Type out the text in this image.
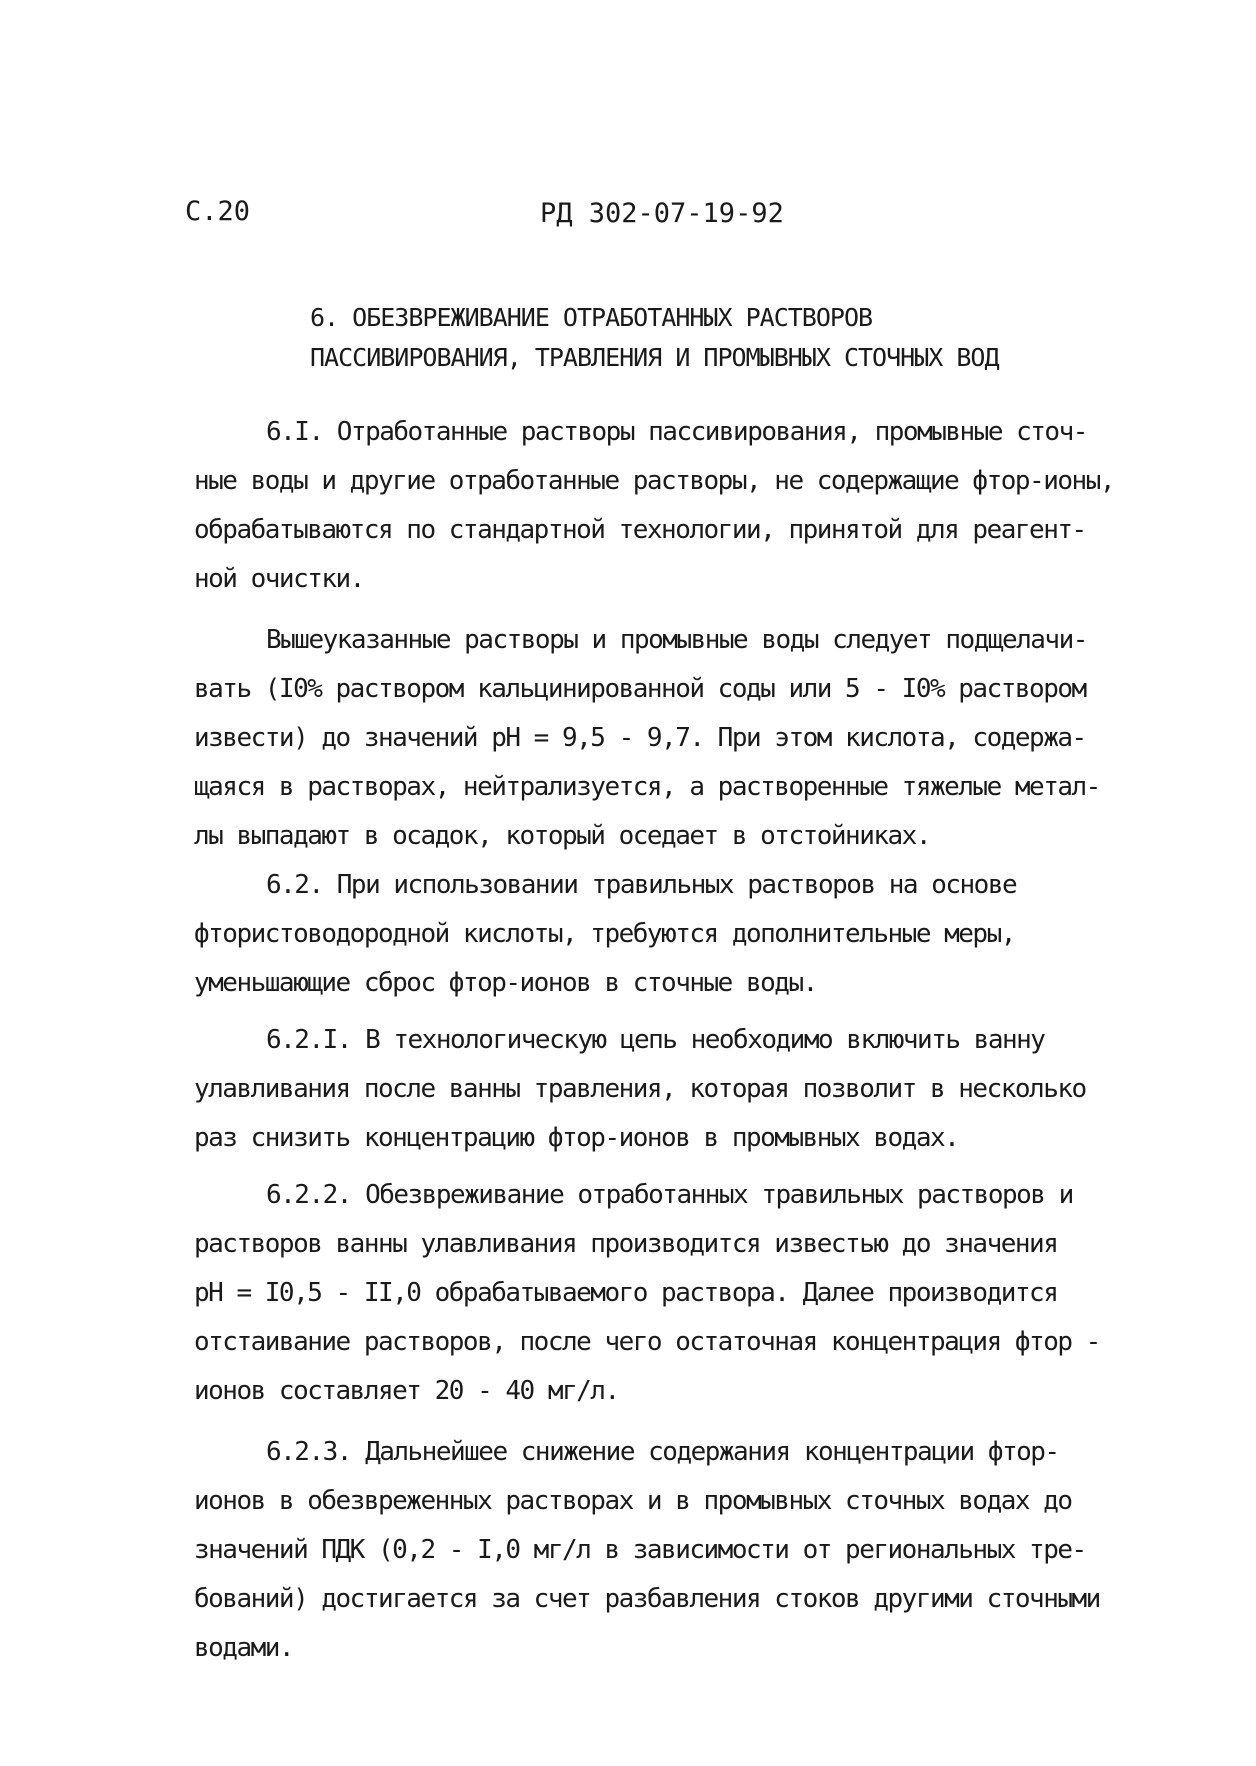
С.20	РД 302-07-19-92
6. ОБЕЗВРЕЖИВАНИЕ ОТРАБОТАННЫХ РАСТВОРОВ
ПАССИВИРОВАНИЯ, ТРАВЛЕНИЯ И ПРОМЫВНЫХ СТОЧНЫХ ВОД
6.I. Отработанные растворы пассивирования, промывные сточ-
ные воды и другие отработанные растворы, не содержащие фтор-ионы,
обрабатываются по стандартной технологии, принятой для реагент-
ной очистки.
Вышеуказанные растворы и промывные воды следует подщелачи-
вать (I0% раствором кальцинированной соды или 5 - I0% раствором
извести) до значений pH = 9,5 - 9,7. При этом кислота, содержа-
щаяся в растворах, нейтрализуется, а растворенные тяжелые метал-
лы выпадают в осадок, который оседает в отстойниках.
6.2. При использовании травильных растворов на основе
фтористоводородной кислоты, требуются дополнительные меры,
уменьшающие сброс фтор-ионов в сточные воды.
6.2.I. В технологическую цепь необходимо включить ванну
улавливания после ванны травления, которая позволит в несколько
раз снизить концентрацию фтор-ионов в промывных водах.
6.2.2. Обезвреживание отработанных травильных растворов и
растворов ванны улавливания производится известью до значения
pH = I0,5 - II,0 обрабатываемого раствора. Далее производится
отстаивание растворов, после чего остаточная концентрация фтор -
ионов составляет 20 - 40 мг/л.
6.2.3. Дальнейшее снижение содержания концентрации фтор-
ионов в обезвреженных растворах и в промывных сточных водах до
значений ПДК (0,2 - I,0 мг/л в зависимости от региональных тре-
бований) достигается за счет разбавления стоков другими сточными
водами.
